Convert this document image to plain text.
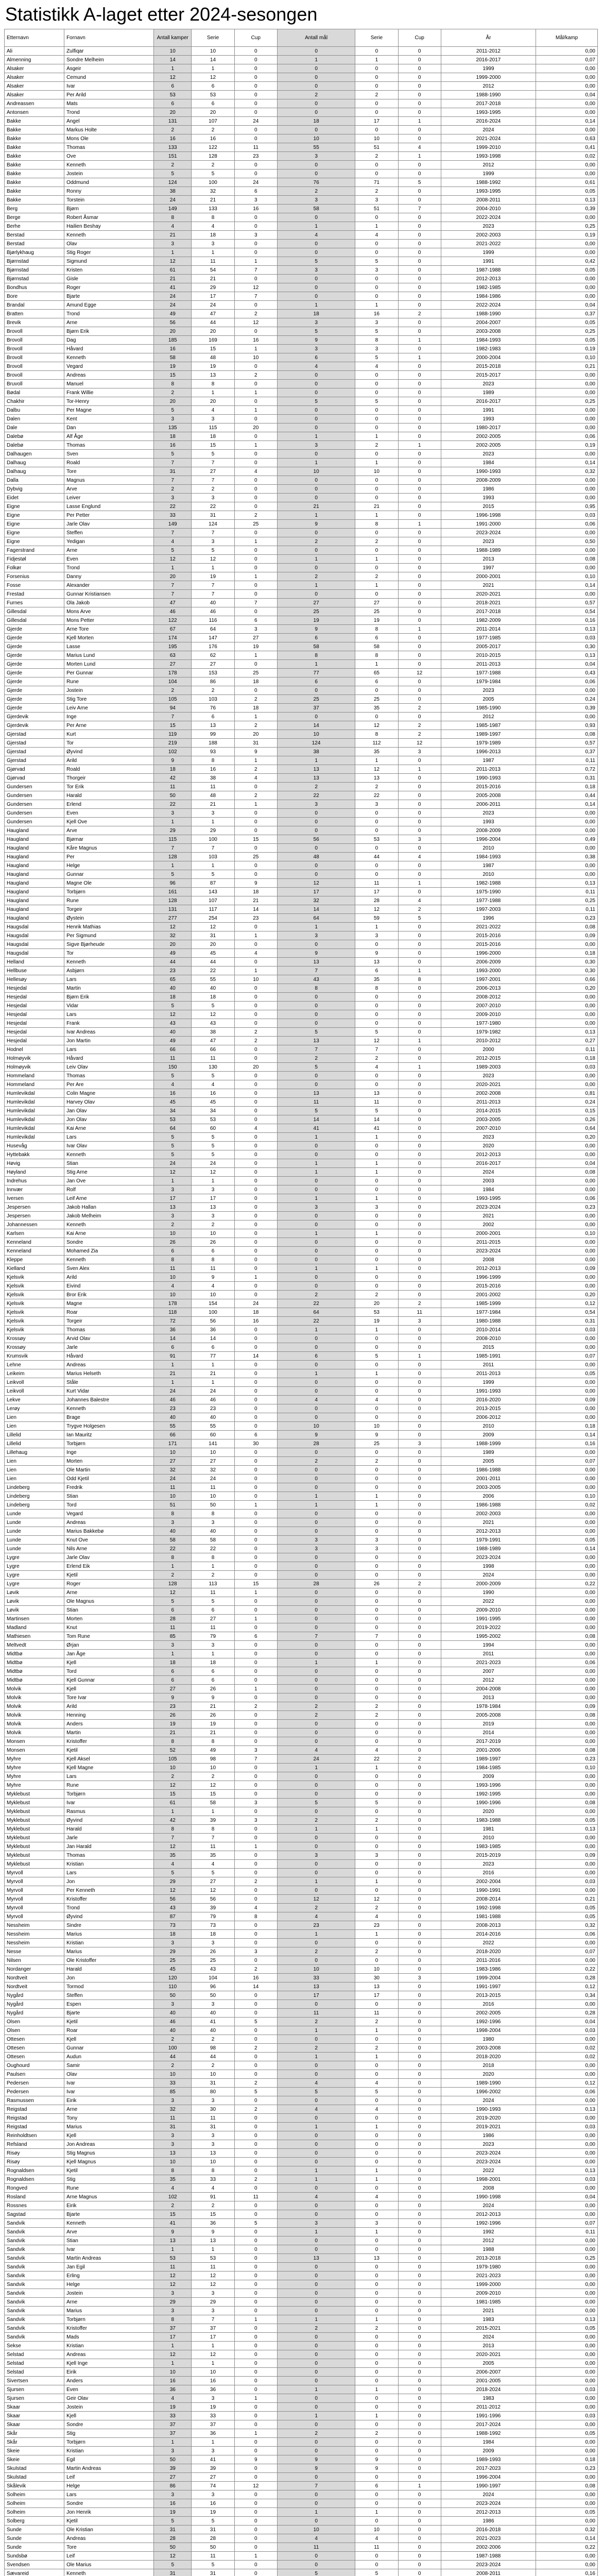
Statistikk A-laget etter 2024-sesongen
Etternavn	Fornavn	Antall kamper	Serie	Cup	Antall mål	Serie	Cup	År	Mål/kamp
Ali	Zulfiqar	10	10	0	0	0	0	2011-2012	0,00
Almenning	Sondre Melheim	14	14	0	1	1	0	2016-2017	0,07
Alsaker	Asgeir	1	1	0	0	0	0	1999	0,00
Alsaker	Cemund	12	12	0	0	0	0	1999-2000	0,00
Alsaker	Ivar	6	6	0	0	0	0	2012	0,00
Alsaker	Per Arild	53	53	0	2	2	0	1988-1990	0,04
Andreassen	Mats	6	6	0	0	0	0	2017-2018	0,00
Antonsen	Trond	20	20	0	0	0	0	1993-1995	0,00
Bakke	Angel	131	107	24	18	17	1	2016-2024	0,14
Bakke	Markus Holte	2	2	0	0	0	0	2024	0,00
Bakke	Mons Ole	16	16	0	10	10	0	2021-2024	0,63
Bakke	Thomas	133	122	11	55	51	4	1999-2010	0,41
Bakke	Ove	151	128	23	3	2	1	1993-1998	0,02
Bakke	Kenneth	2	2	0	0	0	0	2012	0,00
Bakke	Jostein	5	5	0	0	0	0	1999	0,00
Bakke	Oddmund	124	100	24	76	71	5	1988-1992	0,61
Bakke	Ronny	38	32	6	2	2	0	1993-1995	0,05
Bakke	Torstein	24	21	3	3	3	0	2008-2011	0,13
Berg	Bjørn	149	133	16	58	51	7	2004-2010	0,39
Berge	Robert Åsmar	8	8	0	0	0	0	2022-2024	0,00
Berhe	Hailien Beshay	4	4	0	1	1	0	2023	0,25
Berstad	Kenneth	21	18	3	4	4	0	2002-2003	0,19
Berstad	Olav	3	3	0	0	0	0	2021-2022	0,00
Bjørlykhaug	Stig Roger	1	1	0	0	0	0	1999	0,00
Bjørnstad	Sigmund	12	11	1	5	5	0	1991	0,42
Bjørnstad	Kristen	61	54	7	3	3	0	1987-1988	0,05
Bjørnstad	Gisle	21	21	0	0	0	0	2012-2013	0,00
Bondhus	Roger	41	29	12	0	0	0	1982-1985	0,00
Bore	Bjarte	24	17	7	0	0	0	1984-1986	0,00
Brandal	Amund Egge	24	24	0	1	1	0	2022-2024	0,04
Bratten	Trond	49	47	2	18	16	2	1988-1990	0,37
Brevik	Arne	56	44	12	3	3	0	2004-2007	0,05
Brovoll	Bjørn Erik	20	20	0	5	5	0	2003-2008	0,25
Brovoll	Dag	185	169	16	9	8	1	1984-1993	0,05
Brovoll	Håvard	16	15	1	3	3	0	1982-1983	0,19
Brovoll	Kenneth	58	48	10	6	5	1	2000-2004	0,10
Brovoll	Vegard	19	19	0	4	4	0	2015-2018	0,21
Brovoll	Andreas	15	13	2	0	0	0	2015-2017	0,00
Bruvoll	Manuel	8	8	0	0	0	0	2023	0,00
Bødal	Frank Willie	2	1	1	0	0	0	1989	0,00
Chakhir	Tor-Henry	20	20	0	5	5	0	2016-2017	0,25
Dalbu	Per Magne	5	4	1	0	0	0	1991	0,00
Dalen	Kent	3	3	0	0	0	0	1993	0,00
Dale	Dan	135	115	20	0	0	0	1980-2017	0,00
Dalebø	Alf Åge	18	18	0	1	1	0	2002-2005	0,06
Dalebø	Thomas	16	15	1	3	2	1	2002-2005	0,19
Dalhaugen	Sven	5	5	0	0	0	0	2023	0,00
Dalhaug	Roald	7	7	0	1	1	0	1984	0,14
Dalhaug	Tore	31	27	4	10	10	0	1990-1993	0,32
Dalla	Magnus	7	7	0	0	0	0	2008-2009	0,00
Dybvig	Arve	2	2	0	0	0	0	1986	0,00
Eidet	Leiver	3	3	0	0	0	0	1993	0,00
Eigne	Lasse Englund	22	22	0	21	21	0	2015	0,95
Eigne	Per Petter	33	31	2	1	1	0	1996-1998	0,03
Eigne	Jarle Olav	149	124	25	9	8	1	1991-2000	0,06
Eigne	Steffen	7	7	0	0	0	0	2023-2024	0,00
Eigne	Yedigan	4	3	1	2	2	0	2023	0,50
Fagerstrand	Arne	5	5	0	0	0	0	1988-1989	0,00
Fidjestøl	Even	12	12	0	1	1	0	2013	0,08
Folkør	Trond	1	1	0	0	0	0	1997	0,00
Forsenius	Danny	20	19	1	2	2	0	2000-2001	0,10
Fosse	Alexander	7	7	0	1	1	0	2021	0,14
Frestad	Gunnar Kristiansen	7	7	0	0	0	0	2020-2021	0,00
Furnes	Ola Jakob	47	40	7	27	27	0	2018-2021	0,57
Gillesdal	Mons Arve	46	46	0	25	25	0	2017-2018	0,54
Gillesdal	Mons Petter	122	116	6	19	19	0	1982-2009	0,16
Gjerde	Arne Tore	67	64	3	9	8	1	2011-2014	0,13
Gjerde	Kjell Morten	174	147	27	6	6	0	1977-1985	0,03
Gjerde	Lasse	195	176	19	58	58	0	2005-2017	0,30
Gjerde	Marius Lund	63	62	1	8	8	0	2010-2015	0,13
Gjerde	Morten Lund	27	27	0	1	1	0	2011-2013	0,04
Gjerde	Per Gunnar	178	153	25	77	65	12	1977-1988	0,43
Gjerde	Rune	104	86	18	6	6	0	1979-1984	0,06
Gjerde	Jostein	2	2	0	0	0	0	2023	0,00
Gjerde	Stig Tore	105	103	2	25	25	0	2005	0,24
Gjerde	Leiv Arne	94	76	18	37	35	2	1985-1990	0,39
Gjerdevik	Inge	7	6	1	0	0	0	2012	0,00
Gjerdevik	Per Arne	15	13	2	14	12	2	1985-1987	0,93
Gjerstad	Kurt	119	99	20	10	8	2	1989-1997	0,08
Gjerstad	Tor	219	188	31	124	112	12	1979-1989	0,57
Gjerstad	Øyvind	102	93	9	38	35	3	1996-2013	0,37
Gjerstad	Arild	9	8	1	1	1	0	1987	0,11
Gjørvad	Roald	18	16	2	13	12	1	2011-2013	0,72
Gjørvad	Thorgeir	42	38	4	13	13	0	1990-1993	0,31
Gundersen	Tor Erik	11	11	0	2	2	0	2015-2016	0,18
Gundersen	Harald	50	48	2	22	22	0	2005-2008	0,44
Gundersen	Erlend	22	21	1	3	3	0	2006-2011	0,14
Gundersen	Even	3	3	0	0	0	0	2023	0,00
Gundersen	Kjell Ove	1	1	0	0	0	0	1993	0,00
Haugland	Arve	29	29	0	0	0	0	2008-2009	0,00
Haugland	Bjørnar	115	100	15	56	53	3	1996-2004	0,49
Haugland	Kåre Magnus	7	7	0	0	0	0	2010	0,00
Haugland	Per	128	103	25	48	44	4	1984-1993	0,38
Haugland	Helge	1	1	0	0	0	0	1987	0,00
Haugland	Gunnar	5	5	0	0	0	0	2010	0,00
Haugland	Magne Ole	96	87	9	12	11	1	1982-1988	0,13
Haugland	Torbjørn	161	143	18	17	17	0	1975-1990	0,11
Haugland	Rune	128	107	21	32	28	4	1977-1988	0,25
Haugland	Torgeir	131	117	14	14	12	2	1997-2003	0,11
Haugland	Øystein	277	254	23	64	59	5	1996	0,23
Haugsdal	Henrik Mathias	12	12	0	1	1	0	2021-2022	0,08
Haugsdal	Per Sigmund	32	31	1	3	3	0	2015-2016	0,09
Haugsdal	Sigve Bjørheude	20	20	0	0	0	0	2015-2016	0,00
Haugsdal	Tor	49	45	4	9	9	0	1996-2000	0,18
Helland	Kenneth	44	44	0	13	13	0	2006-2009	0,30
Hellbuse	Asbjørn	23	22	1	7	6	1	1993-2000	0,30
Hellesøy	Lars	65	55	10	43	35	8	1997-2001	0,66
Hesjedal	Martin	40	40	0	8	8	0	2006-2013	0,20
Hesjedal	Bjørn Erik	18	18	0	0	0	0	2008-2012	0,00
Hesjedal	Vidar	5	5	0	0	0	0	2007-2010	0,00
Hesjedal	Lars	12	12	0	0	0	0	2009-2010	0,00
Hesjedal	Frank	43	43	0	0	0	0	1977-1980	0,00
Hesjedal	Ivar Andreas	40	38	2	5	5	0	1979-1982	0,13
Hesjedal	Jon Martin	49	47	2	13	12	1	2010-2012	0,27
Hodnel	Lars	66	66	0	7	7	0	2000	0,11
Holmøyvik	Håvard	11	11	0	2	2	0	2012-2015	0,18
Holmøyvik	Leiv Olav	150	130	20	5	4	1	1989-2003	0,03
Hommeland	Thomas	5	5	0	0	0	0	2023	0,00
Hommeland	Per Are	4	4	0	0	0	0	2020-2021	0,00
Humlevikdal	Colin Magne	16	16	0	13	13	0	2002-2008	0,81
Humlevikdal	Harvey Olav	45	45	0	11	11	0	2011-2013	0,24
Humlevikdal	Jan Olav	34	34	0	5	5	0	2014-2015	0,15
Humlevikdal	Jon Olav	53	53	0	14	14	0	2003-2005	0,26
Humlevikdal	Kai Arne	64	60	4	41	41	0	2007-2010	0,64
Humlevikdal	Lars	5	5	0	1	1	0	2023	0,20
Husevåg	Ivar Olav	5	5	0	0	0	0	2020	0,00
Hyttebakk	Kenneth	5	5	0	0	0	0	2012-2013	0,00
Høvig	Stian	24	24	0	1	1	0	2016-2017	0,04
Høyland	Stig Arne	12	12	0	1	1	0	2024	0,08
Indrehus	Jan Ove	1	1	0	0	0	0	2003	0,00
Innvær	Rolf	3	3	0	0	0	0	1984	0,00
Iversen	Leif Arne	17	17	0	1	1	0	1993-1995	0,06
Jespersen	Jakob Hallan	13	13	0	3	3	0	2023-2024	0,23
Jespersen	Jakob Melheim	3	3	0	0	0	0	2021	0,00
Johannessen	Kenneth	2	2	0	0	0	0	2002	0,00
Karlsen	Kai Arne	10	10	0	1	1	0	2000-2001	0,10
Kenneland	Sondre	26	26	0	0	0	0	2011-2015	0,00
Kenneland	Mohamed Zia	6	6	0	0	0	0	2023-2024	0,00
Kleppe	Kenneth	8	8	0	0	0	0	2008	0,00
Kielland	Sven Alex	11	11	0	1	1	0	2012-2013	0,09
Kjelsvik	Arild	10	9	1	0	0	0	1996-1999	0,00
Kjelsvik	Eivind	4	4	0	0	0	0	2015-2016	0,00
Kjelsvik	Bror Erik	10	10	0	2	2	0	2001-2002	0,20
Kjelsvik	Magne	178	154	24	22	20	2	1985-1999	0,12
Kjelsvik	Roar	118	100	18	64	53	11	1977-1984	0,54
Kjelsvik	Torgeir	72	56	16	22	19	3	1980-1988	0,31
Kjelsvik	Thomas	36	36	0	1	1	0	2010-2014	0,03
Krossøy	Arvid Olav	14	14	0	0	0	0	2008-2010	0,00
Krossøy	Jarle	6	6	0	0	0	0	2015	0,00
Krumsvik	Håvard	91	77	14	6	5	1	1985-1991	0,07
Lehne	Andreas	1	1	0	0	0	0	2011	0,00
Leikeim	Marius Helseth	21	21	0	1	1	0	2011-2013	0,05
Leikvoll	Ståle	1	1	0	0	0	0	1999	0,00
Leikvoll	Kurt Vidar	24	24	0	0	0	0	1991-1993	0,00
Lekve	Johannes Balestre	46	46	0	4	4	0	2016-2020	0,09
Lerøy	Kenneth	23	23	0	0	0	0	2013-2015	0,00
Lien	Brage	40	40	0	0	0	0	2006-2012	0,00
Lien	Trygve Holgesen	55	55	0	10	10	0	2010	0,18
Lillelid	Ian Mauritz	66	60	6	9	9	0	2009	0,14
Lillelid	Torbjørn	171	141	30	28	25	3	1988-1999	0,16
Lillehaug	Inge	10	10	0	0	0	0	1989	0,00
Lien	Morten	27	27	0	2	2	0	2005	0,07
Lien	Ole Martin	32	32	0	0	0	0	1986-1988	0,00
Lien	Odd Kjetil	24	24	0	0	0	0	2001-2011	0,00
Lindeberg	Fredrik	11	11	0	0	0	0	2003-2005	0,00
Lindeberg	Stian	10	10	0	1	1	0	2006	0,10
Lindeberg	Tord	51	50	1	1	1	0	1986-1988	0,02
Lunde	Vegard	8	8	0	0	0	0	2002-2003	0,00
Lunde	Andreas	3	3	0	0	0	0	2021	0,00
Lunde	Marius Bakkebø	40	40	0	0	0	0	2012-2013	0,00
Lunde	Knut Ove	58	58	0	3	3	0	1979-1991	0,05
Lunde	Nils Arne	22	22	0	3	3	0	1988-1989	0,14
Lygre	Jarle Olav	8	8	0	0	0	0	2023-2024	0,00
Lygre	Erlend Eik	1	1	0	0	0	0	1998	0,00
Lygre	Kjetil	2	2	0	0	0	0	2024	0,00
Lygre	Roger	128	113	15	28	26	2	2000-2009	0,22
Løvik	Arne	12	11	1	0	0	0	1990	0,00
Løvik	Ole Magnus	5	5	0	0	0	0	2022	0,00
Løvik	Stian	6	6	0	0	0	0	2009-2010	0,00
Martinsen	Morten	28	27	1	0	0	0	1991-1995	0,00
Madland	Knut	11	11	0	0	0	0	2019-2022	0,00
Mathiesen	Tom Rune	85	79	6	7	7	0	1995-2002	0,08
Meltvedt	Ørjan	3	3	0	0	0	0	1994	0,00
Midtbø	Jan Åge	1	1	0	0	0	0	2011	0,00
Midtbø	Kjell	18	18	0	1	1	0	2021-2023	0,06
Midtbø	Tord	6	6	0	0	0	0	2007	0,00
Midtbø	Kjell Gunnar	6	6	0	0	0	0	2012	0,00
Molvik	Kjell	27	26	1	0	0	0	2004-2008	0,00
Molvik	Tore Ivar	9	9	0	0	0	0	2013	0,00
Molvik	Arild	23	21	2	2	2	0	1978-1984	0,09
Molvik	Henning	26	26	0	2	2	0	2005-2008	0,08
Molvik	Anders	19	19	0	0	0	0	2019	0,00
Molvik	Martin	21	21	0	0	0	0	2014	0,00
Monsen	Kristoffer	8	8	0	0	0	0	2017-2019	0,00
Monsen	Kjetil	52	49	3	4	4	0	2001-2006	0,08
Myhre	Kjell Aksel	105	98	7	24	22	2	1989-1997	0,23
Myhre	Kjell Magne	10	10	0	1	1	0	1984-1985	0,10
Myhre	Lars	2	2	0	0	0	0	2009	0,00
Myhre	Rune	12	12	0	0	0	0	1993-1996	0,00
Myklebust	Torbjørn	15	15	0	0	0	0	1992-1995	0,00
Myklebust	Ivar	61	58	3	5	5	0	1990-1996	0,08
Myklebust	Rasmus	1	1	0	0	0	0	2020	0,00
Myklebust	Øyvind	42	39	3	2	2	0	1983-1988	0,05
Myklebust	Harald	8	8	0	1	1	0	1981	0,13
Myklebust	Jarle	7	7	0	0	0	0	2010	0,00
Myklebust	Jan Harald	12	11	1	0	0	0	1983-1985	0,00
Myklebust	Thomas	35	35	0	3	3	0	2015-2019	0,09
Myklebust	Kristian	4	4	0	0	0	0	2023	0,00
Myrvoll	Lars	5	5	0	0	0	0	2016	0,00
Myrvoll	Jon	29	27	2	1	1	0	2002-2004	0,03
Myrvoll	Per Kenneth	12	12	0	0	0	0	1990-1991	0,00
Myrvoll	Kristoffer	56	56	0	12	12	0	2008-2014	0,21
Myrvoll	Trond	43	39	4	2	2	0	1992-1998	0,05
Myrvoll	Øyvind	87	79	8	4	4	0	1981-1988	0,05
Nessheim	Sindre	73	73	0	23	23	0	2008-2013	0,32
Nessheim	Marius	18	18	0	1	1	0	2014-2016	0,06
Nessheim	Kristian	3	3	0	0	0	0	2022	0,00
Nesse	Marius	29	26	3	2	2	0	2018-2020	0,07
Nilsen	Ole Kristoffer	25	25	0	0	0	0	2011-2016	0,00
Nordanger	Harald	45	43	2	10	10	0	1983-1986	0,22
Nordtveit	Jon	120	104	16	33	30	3	1999-2004	0,28
Nordtveit	Tormod	110	96	14	13	13	0	1991-1997	0,12
Nygård	Steffen	50	50	0	17	17	0	2013-2015	0,34
Nygård	Espen	3	3	0	0	0	0	2016	0,00
Nygård	Bjarte	40	40	0	11	11	0	2002-2005	0,28
Olsen	Kjetil	46	41	5	2	2	0	1992-1996	0,04
Olsen	Roar	40	40	0	1	1	0	1998-2004	0,03
Ottesen	Kjell	2	2	0	0	0	0	1980	0,00
Ottesen	Gunnar	100	98	2	2	2	0	2003-2008	0,02
Ottesen	Audun	44	44	0	1	1	0	2018-2020	0,02
Oughourd	Samir	2	2	0	0	0	0	2018	0,00
Paulsen	Olav	10	10	0	0	0	0	2020	0,00
Pedersen	Ivar	33	31	2	4	4	0	1989-1990	0,12
Pedersen	Ivar	85	80	5	5	5	0	1996-2002	0,06
Rasmussen	Eirik	3	3	0	0	0	0	2024	0,00
Reigstad	Arne	32	30	2	4	4	0	1990-1993	0,13
Reigstad	Tony	11	11	0	0	0	0	2019-2020	0,00
Reigstad	Marius	31	31	0	1	1	0	2019-2021	0,03
Reinholdtsen	Kjell	3	3	0	0	0	0	1986	0,00
Refsland	Jon Andreas	3	3	0	0	0	0	2023	0,00
Risøy	Stig Magnus	13	13	0	0	0	0	2023-2024	0,00
Risøy	Kjell Magnus	10	10	0	0	0	0	2023-2024	0,00
Rognaldsen	Kjetil	8	8	0	1	1	0	2022	0,13
Rognaldsen	Stig	35	33	2	1	1	0	1998-2001	0,03
Rongved	Rune	4	4	0	0	0	0	2008	0,00
Rosland	Arne Magnus	102	91	11	4	4	0	1990-1998	0,04
Rossnes	Eirik	2	2	0	0	0	0	2024	0,00
Sagstad	Bjarte	15	15	0	0	0	0	2012-2013	0,00
Sandvik	Kenneth	41	36	5	3	3	0	1992-1996	0,07
Sandvik	Arve	9	9	0	1	1	0	1992	0,11
Sandvik	Stian	13	13	0	0	0	0	2012	0,00
Sandvik	Ivar	1	1	0	0	0	0	1988	0,00
Sandvik	Martin Andreas	53	53	0	13	13	0	2013-2018	0,25
Sandvik	Jan Egil	11	11	0	0	0	0	1979-1980	0,00
Sandvik	Erling	12	12	0	0	0	0	2021-2023	0,00
Sandvik	Helge	12	12	0	0	0	0	1999-2000	0,00
Sandvik	Jostein	3	3	0	0	0	0	2009-2010	0,00
Sandvik	Arne	29	29	0	0	0	0	1981-1985	0,00
Sandvik	Marius	3	3	0	0	0	0	2021	0,00
Sandvik	Torbjørn	8	7	1	1	1	0	1983	0,13
Sandvik	Kristoffer	37	37	0	2	2	0	2015-2021	0,05
Sandvik	Mads	17	17	0	0	0	0	2024	0,00
Sekse	Kristian	1	1	0	0	0	0	2013	0,00
Selstad	Andreas	12	12	0	0	0	0	2020-2021	0,00
Selstad	Kjell Inge	1	1	0	0	0	0	2005	0,00
Selstad	Eirik	10	10	0	0	0	0	2006-2007	0,00
Sivertsen	Anders	16	16	0	0	0	0	2001-2005	0,00
Sjursen	Even	36	36	0	1	1	0	2018-2024	0,03
Sjursen	Geir Olav	4	3	1	0	0	0	1983	0,00
Skaar	Jostein	19	19	0	0	0	0	2011-2012	0,00
Skaar	Kjell	33	33	0	1	1	0	1991-1996	0,03
Skaar	Sondre	37	37	0	0	0	0	2017-2024	0,00
Skår	Stig	37	36	1	2	2	0	1988-1992	0,05
Skår	Torbjørn	1	1	0	0	0	0	1984	0,00
Skeie	Kristian	3	3	0	0	0	0	2009	0,00
Skeie	Egil	50	41	9	9	9	0	1989-1993	0,18
Skulstad	Martin Andreas	39	39	0	9	9	0	2017-2023	0,23
Skulstad	Leif	27	27	0	0	0	0	1996-2004	0,00
Skålevik	Helge	86	74	12	7	6	1	1990-1997	0,08
Solheim	Lars	3	3	0	0	0	0	2024	0,00
Solheim	Sondre	16	16	0	0	0	0	2023-2024	0,00
Solheim	Jon Henrik	19	19	0	1	1	0	2012-2013	0,05
Solberg	Kjetil	5	5	0	0	0	0	1986	0,00
Sunde	Ole Kristian	31	31	0	10	10	0	2016-2018	0,32
Sunde	Andreas	28	28	0	4	4	0	2021-2023	0,14
Sunde	Tore	50	50	0	11	11	0	2002-2006	0,22
Sundsbø	Leif	12	11	1	0	0	0	1987-1988	0,00
Svendsen	Ole Marius	5	5	0	0	0	0	2023-2024	0,00
Sævareid	Kenneth	31	31	0	5	5	0	2008-2011	0,16
